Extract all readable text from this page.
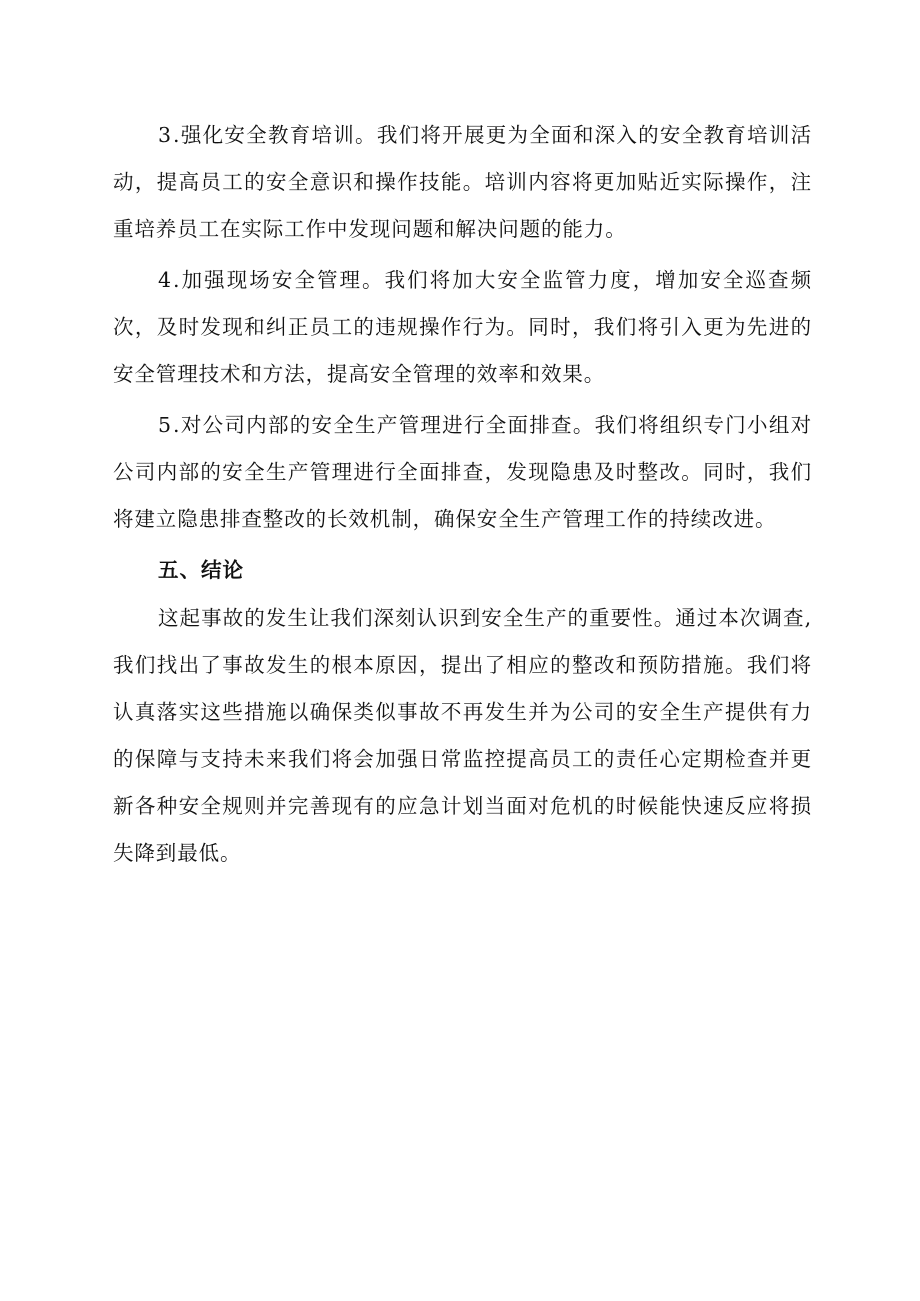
3.强化安全教育培训。我们将开展更为全面和深入的安全教育培训活动，提高员工的安全意识和操作技能。培训内容将更加贴近实际操作，注重培养员工在实际工作中发现问题和解决问题的能力。

4.加强现场安全管理。我们将加大安全监管力度，增加安全巡查频次，及时发现和纠正员工的违规操作行为。同时，我们将引入更为先进的安全管理技术和方法，提高安全管理的效率和效果。

5.对公司内部的安全生产管理进行全面排查。我们将组织专门小组对公司内部的安全生产管理进行全面排查，发现隐患及时整改。同时，我们将建立隐患排查整改的长效机制，确保安全生产管理工作的持续改进。

五、结论

这起事故的发生让我们深刻认识到安全生产的重要性。通过本次调查,我们找出了事故发生的根本原因，提出了相应的整改和预防措施。我们将认真落实这些措施以确保类似事故不再发生并为公司的安全生产提供有力的保障与支持未来我们将会加强日常监控提高员工的责任心定期检查并更新各种安全规则并完善现有的应急计划当面对危机的时候能快速反应将损失降到最低。
